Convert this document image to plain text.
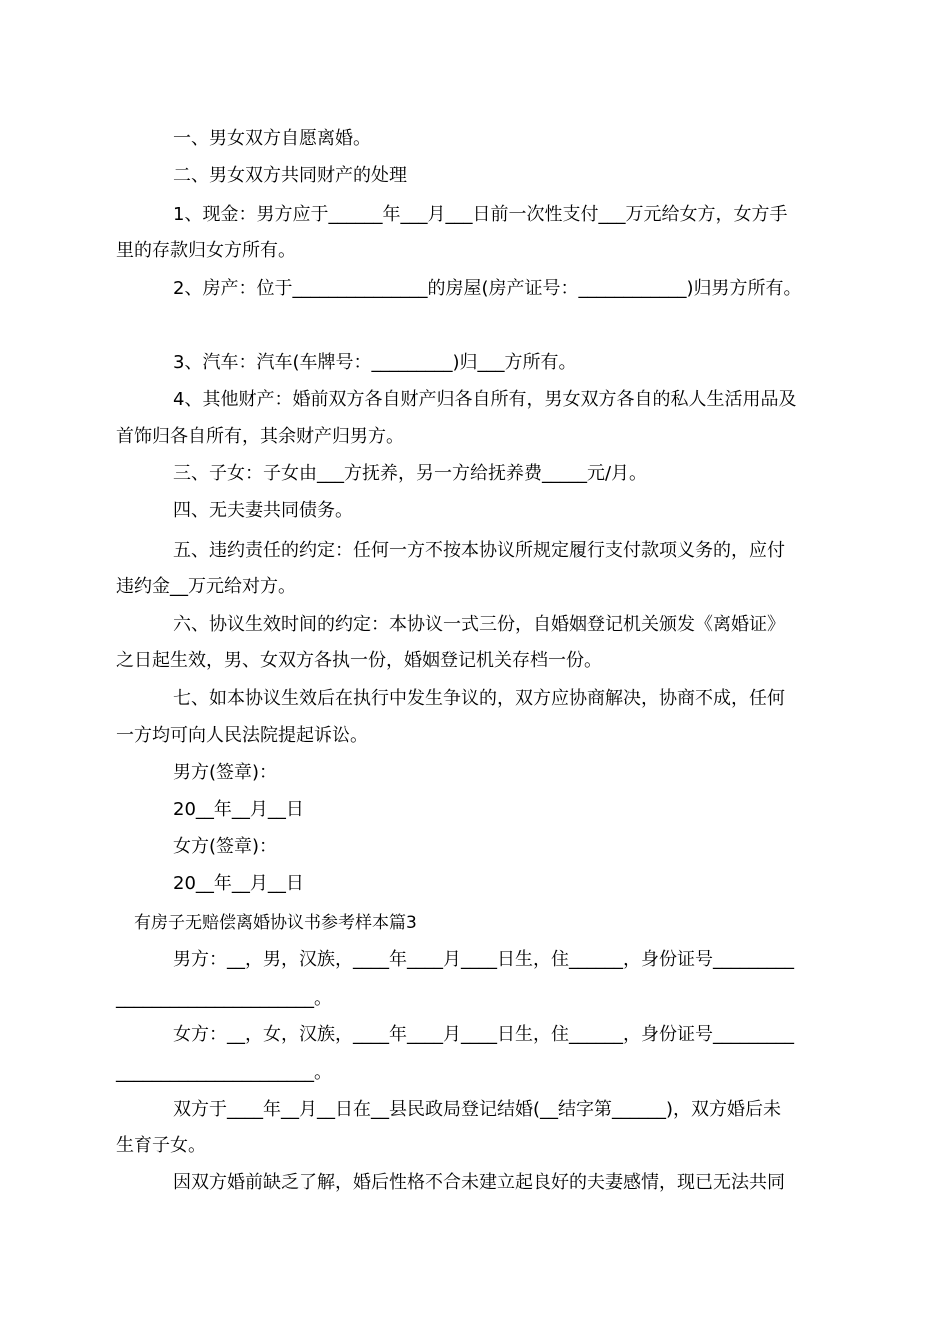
一、男女双方自愿离婚。
二、男女双方共同财产的处理
1、现金：男方应于______年___月___日前一次性支付___万元给女方，女方手
里的存款归女方所有。
2、房产：位于_______________的房屋(房产证号：____________)归男方所有。
3、汽车：汽车(车牌号：_________)归___方所有。
4、其他财产：婚前双方各自财产归各自所有，男女双方各自的私人生活用品及
首饰归各自所有，其余财产归男方。
三、子女：子女由___方抚养，另一方给抚养费_____元/月。
四、无夫妻共同债务。
五、违约责任的约定：任何一方不按本协议所规定履行支付款项义务的，应付
违约金__万元给对方。
六、协议生效时间的约定：本协议一式三份，自婚姻登记机关颁发《离婚证》
之日起生效，男、女双方各执一份，婚姻登记机关存档一份。
七、如本协议生效后在执行中发生争议的，双方应协商解决，协商不成，任何
一方均可向人民法院提起诉讼。
男方(签章)：
20__年__月__日
女方(签章)：
20__年__月__日
有房子无赔偿离婚协议书参考样本篇3
男方：__，男，汉族，____年____月____日生，住______，身份证号_________
______________________。
女方：__，女，汉族，____年____月____日生，住______，身份证号_________
______________________。
双方于____年__月__日在__县民政局登记结婚(__结字第______)，双方婚后未
生育子女。
因双方婚前缺乏了解，婚后性格不合未建立起良好的夫妻感情，现已无法共同
